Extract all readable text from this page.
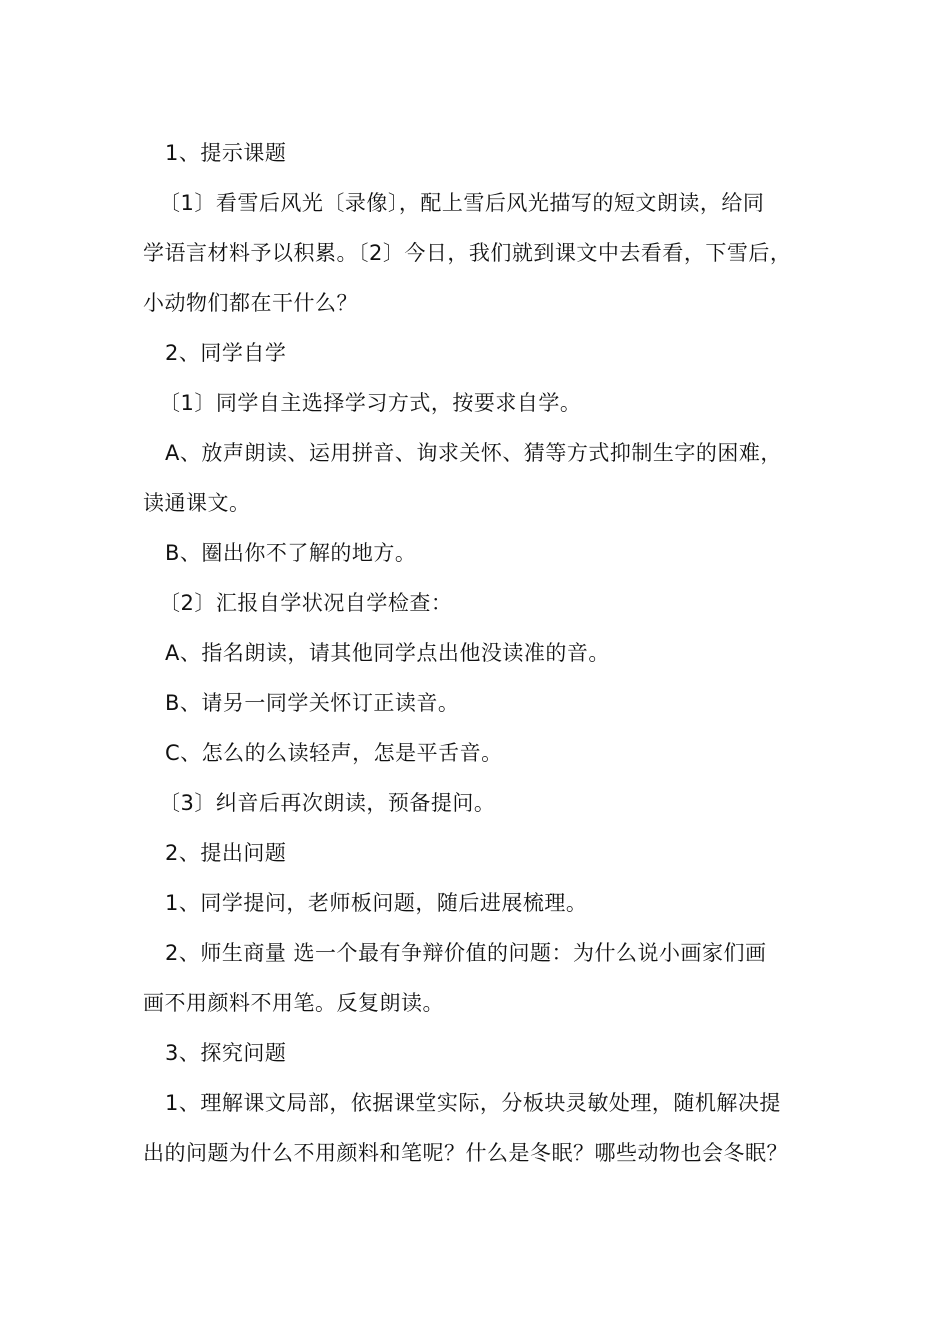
1、提示课题
〔1〕看雪后风光〔录像〕，配上雪后风光描写的短文朗读，给同
学语言材料予以积累。〔2〕今日，我们就到课文中去看看，下雪后，
小动物们都在干什么？
2、同学自学
〔1〕同学自主选择学习方式，按要求自学。
A、放声朗读、运用拼音、询求关怀、猜等方式抑制生字的困难，
读通课文。
B、圈出你不了解的地方。
〔2〕汇报自学状况自学检查：
A、指名朗读，请其他同学点出他没读准的音。
B、请另一同学关怀订正读音。
C、怎么的么读轻声，怎是平舌音。
〔3〕纠音后再次朗读，预备提问。
2、提出问题
1、同学提问，老师板问题，随后进展梳理。
2、师生商量 选一个最有争辩价值的问题：为什么说小画家们画
画不用颜料不用笔。反复朗读。
3、探究问题
1、理解课文局部，依据课堂实际，分板块灵敏处理，随机解决提
出的问题为什么不用颜料和笔呢？什么是冬眠？哪些动物也会冬眠？
